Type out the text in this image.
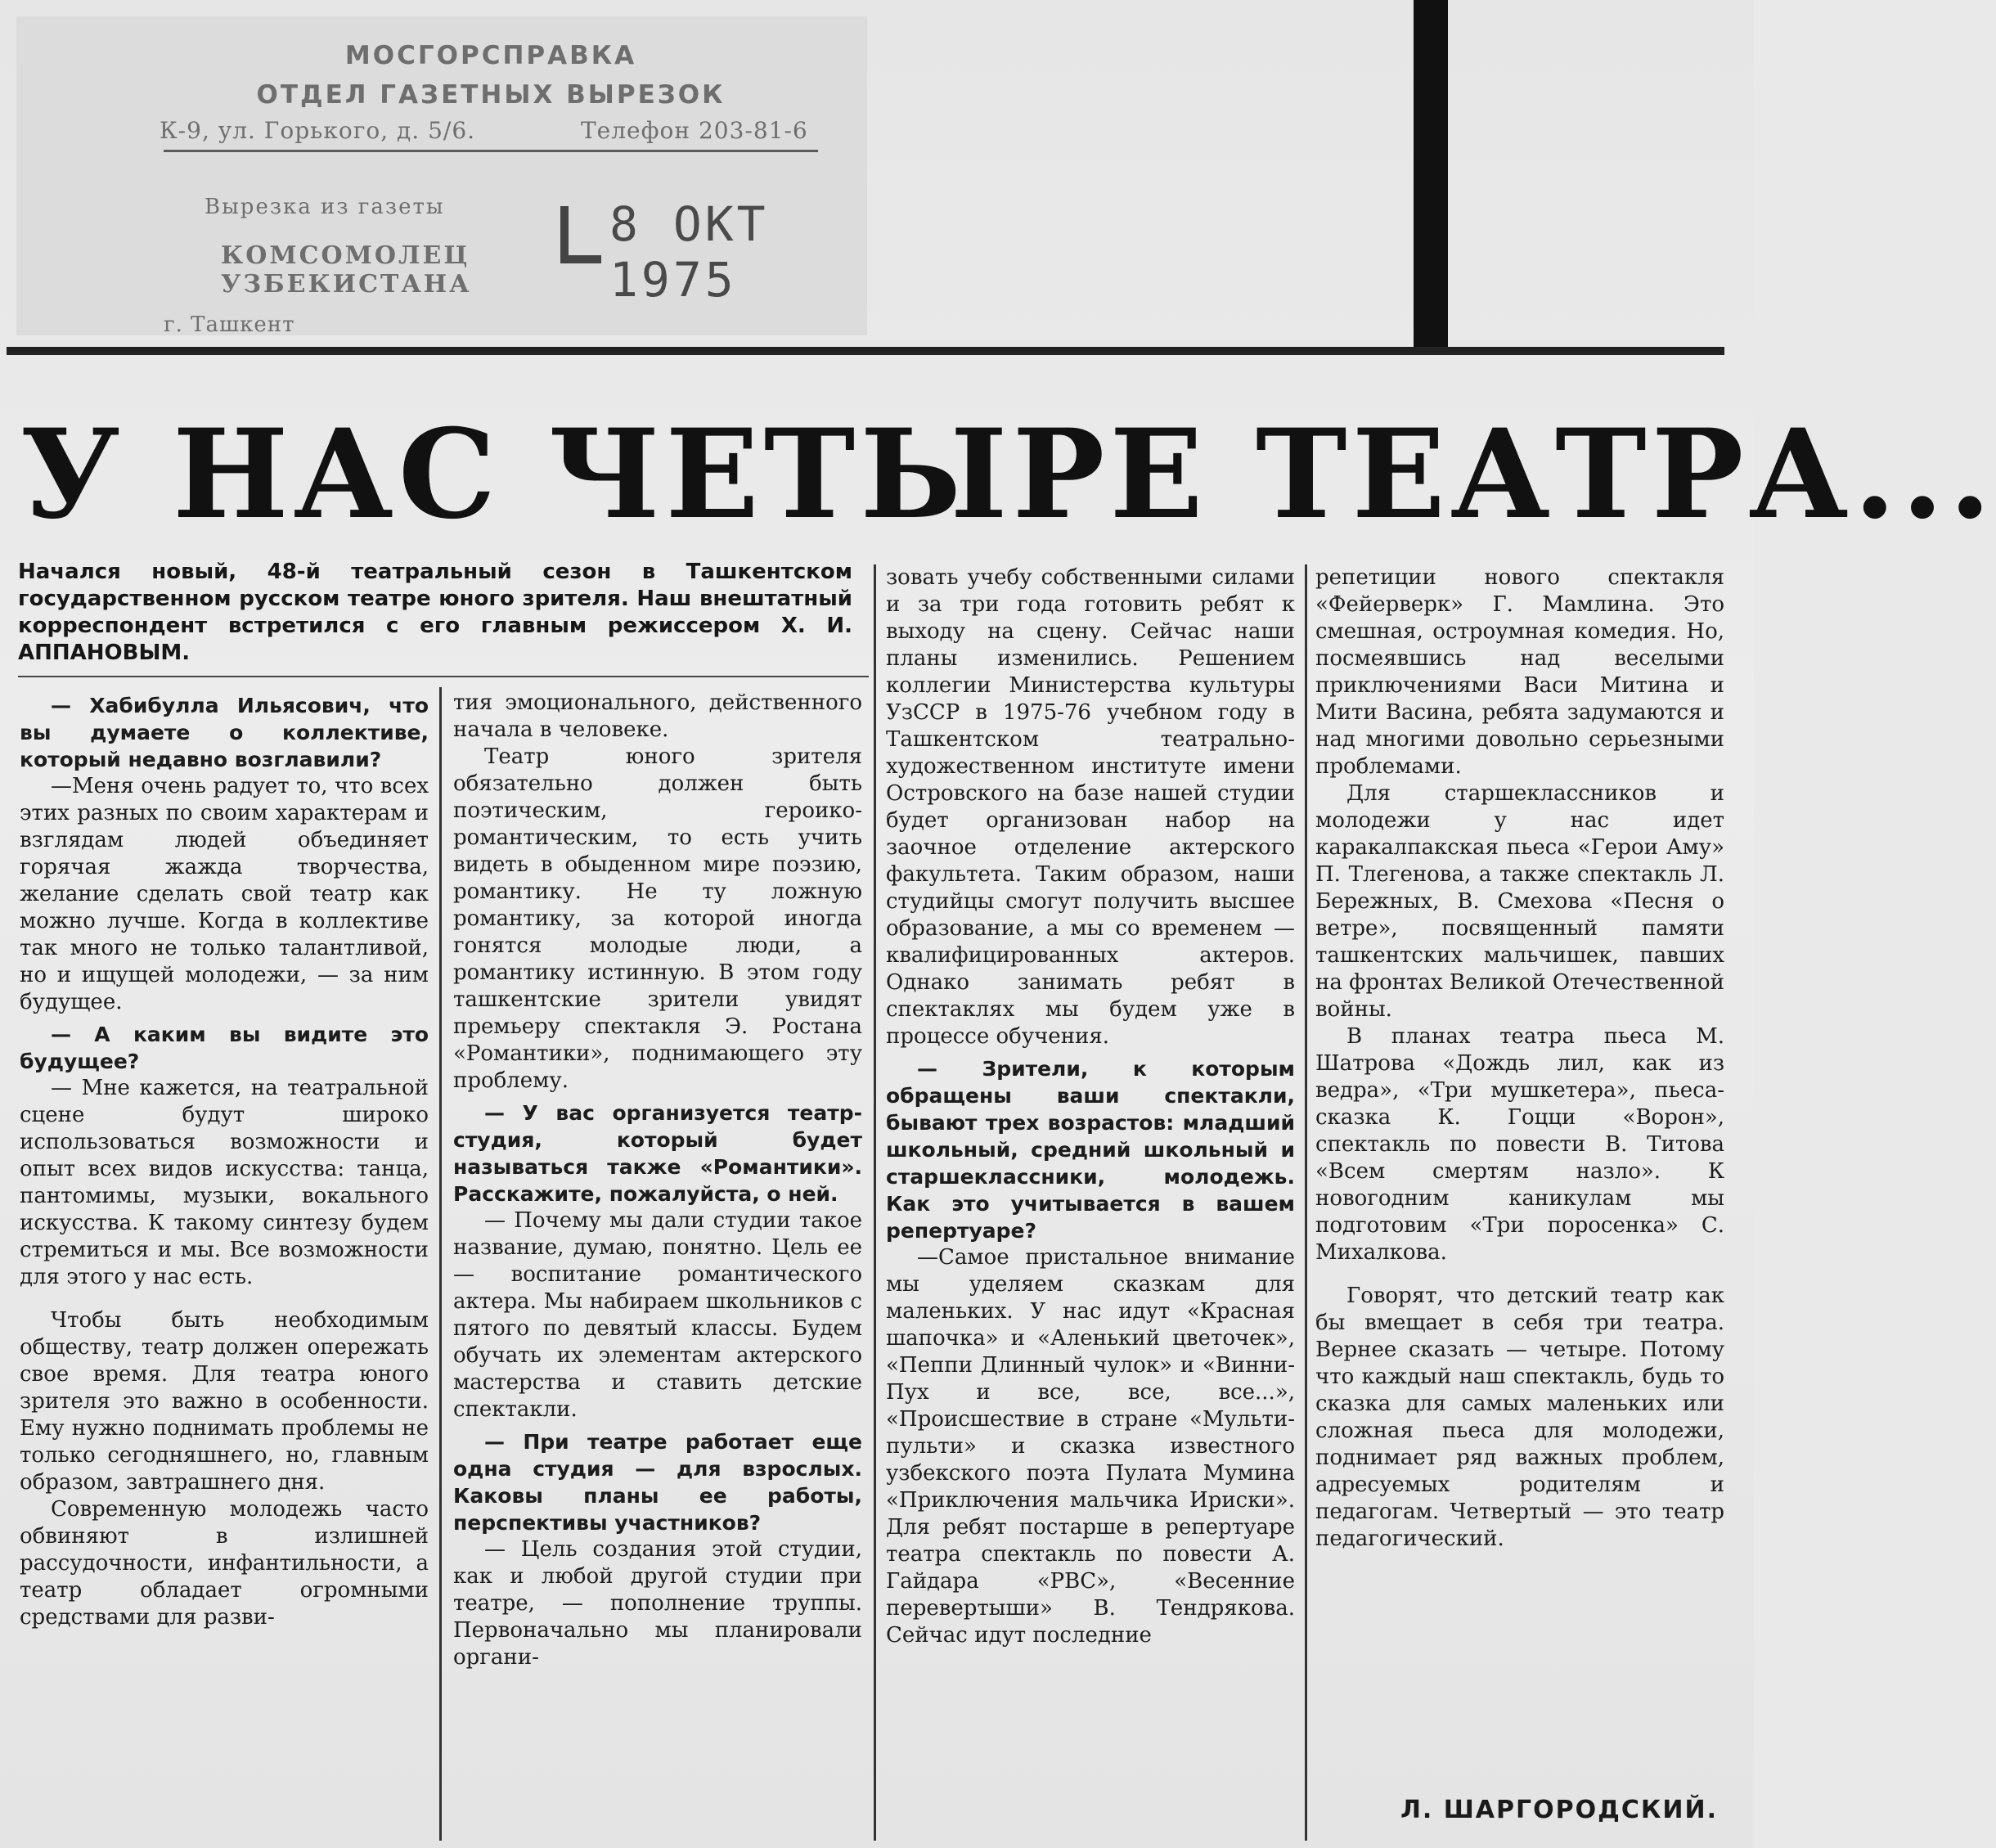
МОСГОРСПРАВКА
ОТДЕЛ ГАЗЕТНЫХ ВЫРЕЗОК
К-9, ул. Горького, д. 5/6.	Телефон 203-81-6
Вырезка из газеты
КОМСОМОЛЕЦ
УЗБЕКИСТАНА
г. Ташкент
8 ОКТ 1975
У НАС ЧЕТЫРЕ ТЕАТРА...
Начался новый, 48-й театральный сезон в Ташкентском государственном русском театре юного зрителя. Наш внештатный корреспондент встретился с его главным режиссером Х. И. АППАНОВЫМ.

— Хабибулла Ильясович, что вы думаете о коллективе, который недавно возглавили?

—Меня очень радует то, что всех этих разных по своим характерам и взглядам людей объединяет горячая жажда творчества, желание сделать свой театр как можно лучше. Когда в коллективе так много не только талантливой, но и ищущей молодежи, — за ним будущее.

— А каким вы видите это будущее?

— Мне кажется, на театральной сцене будут широко использоваться возможности и опыт всех видов искусства: танца, пантомимы, музыки, вокального искусства. К такому синтезу будем стремиться и мы. Все возможности для этого у нас есть.

Чтобы быть необходимым обществу, театр должен опережать свое время. Для театра юного зрителя это важно в особенности. Ему нужно поднимать проблемы не только сегодняшнего, но, главным образом, завтрашнего дня.

Современную молодежь часто обвиняют в излишней рассудочности, инфантильности, а театр обладает огромными средствами для разви-

тия эмоционального, действенного начала в человеке.

Театр юного зрителя обязательно должен быть поэтическим, героико-романтическим, то есть учить видеть в обыденном мире поэзию, романтику. Не ту ложную романтику, за которой иногда гонятся молодые люди, а романтику истинную. В этом году ташкентские зрители увидят премьеру спектакля Э. Ростана «Романтики», поднимающего эту проблему.

— У вас организуется театр-студия, который будет называться также «Романтики». Расскажите, пожалуйста, о ней.

— Почему мы дали студии такое название, думаю, понятно. Цель ее — воспитание романтического актера. Мы набираем школьников с пятого по девятый классы. Будем обучать их элементам актерского мастерства и ставить детские спектакли.

— При театре работает еще одна студия — для взрослых. Каковы планы ее работы, перспективы участников?

— Цель создания этой студии, как и любой другой студии при театре, — пополнение труппы. Первоначально мы планировали органи-

зовать учебу собственными силами и за три года готовить ребят к выходу на сцену. Сейчас наши планы изменились. Решением коллегии Министерства культуры УзССР в 1975-76 учебном году в Ташкентском театрально-художественном институте имени Островского на базе нашей студии будет организован набор на заочное отделение актерского факультета. Таким образом, наши студийцы смогут получить высшее образование, а мы со временем — квалифицированных актеров. Однако занимать ребят в спектаклях мы будем уже в процессе обучения.

— Зрители, к которым обращены ваши спектакли, бывают трех возрастов: младший школьный, средний школьный и старшеклассники, молодежь. Как это учитывается в вашем репертуаре?

—Самое пристальное внимание мы уделяем сказкам для маленьких. У нас идут «Красная шапочка» и «Аленький цветочек», «Пеппи Длинный чулок» и «Винни-Пух и все, все, все...», «Происшествие в стране «Мульти-пульти» и сказка известного узбекского поэта Пулата Мумина «Приключения мальчика Ириски». Для ребят постарше в репертуаре театра спектакль по повести А. Гайдара «РВС», «Весенние перевертыши» В. Тендрякова. Сейчас идут последние

репетиции нового спектакля «Фейерверк» Г. Мамлина. Это смешная, остроумная комедия. Но, посмеявшись над веселыми приключениями Васи Митина и Мити Васина, ребята задумаются и над многими довольно серьезными проблемами.

Для старшеклассников и молодежи у нас идет каракалпакская пьеса «Герои Аму» П. Тлегенова, а также спектакль Л. Бережных, В. Смехова «Песня о ветре», посвященный памяти ташкентских мальчишек, павших на фронтах Великой Отечественной войны.

В планах театра пьеса М. Шатрова «Дождь лил, как из ведра», «Три мушкетера», пьеса-сказка К. Гоцци «Ворон», спектакль по повести В. Титова «Всем смертям назло». К новогодним каникулам мы подготовим «Три поросенка» С. Михалкова.

Говорят, что детский театр как бы вмещает в себя три театра. Вернее сказать — четыре. Потому что каждый наш спектакль, будь то сказка для самых маленьких или сложная пьеса для молодежи, поднимает ряд важных проблем, адресуемых родителям и педагогам. Четвертый — это театр педагогический.

Л. ШАРГОРОДСКИЙ.
